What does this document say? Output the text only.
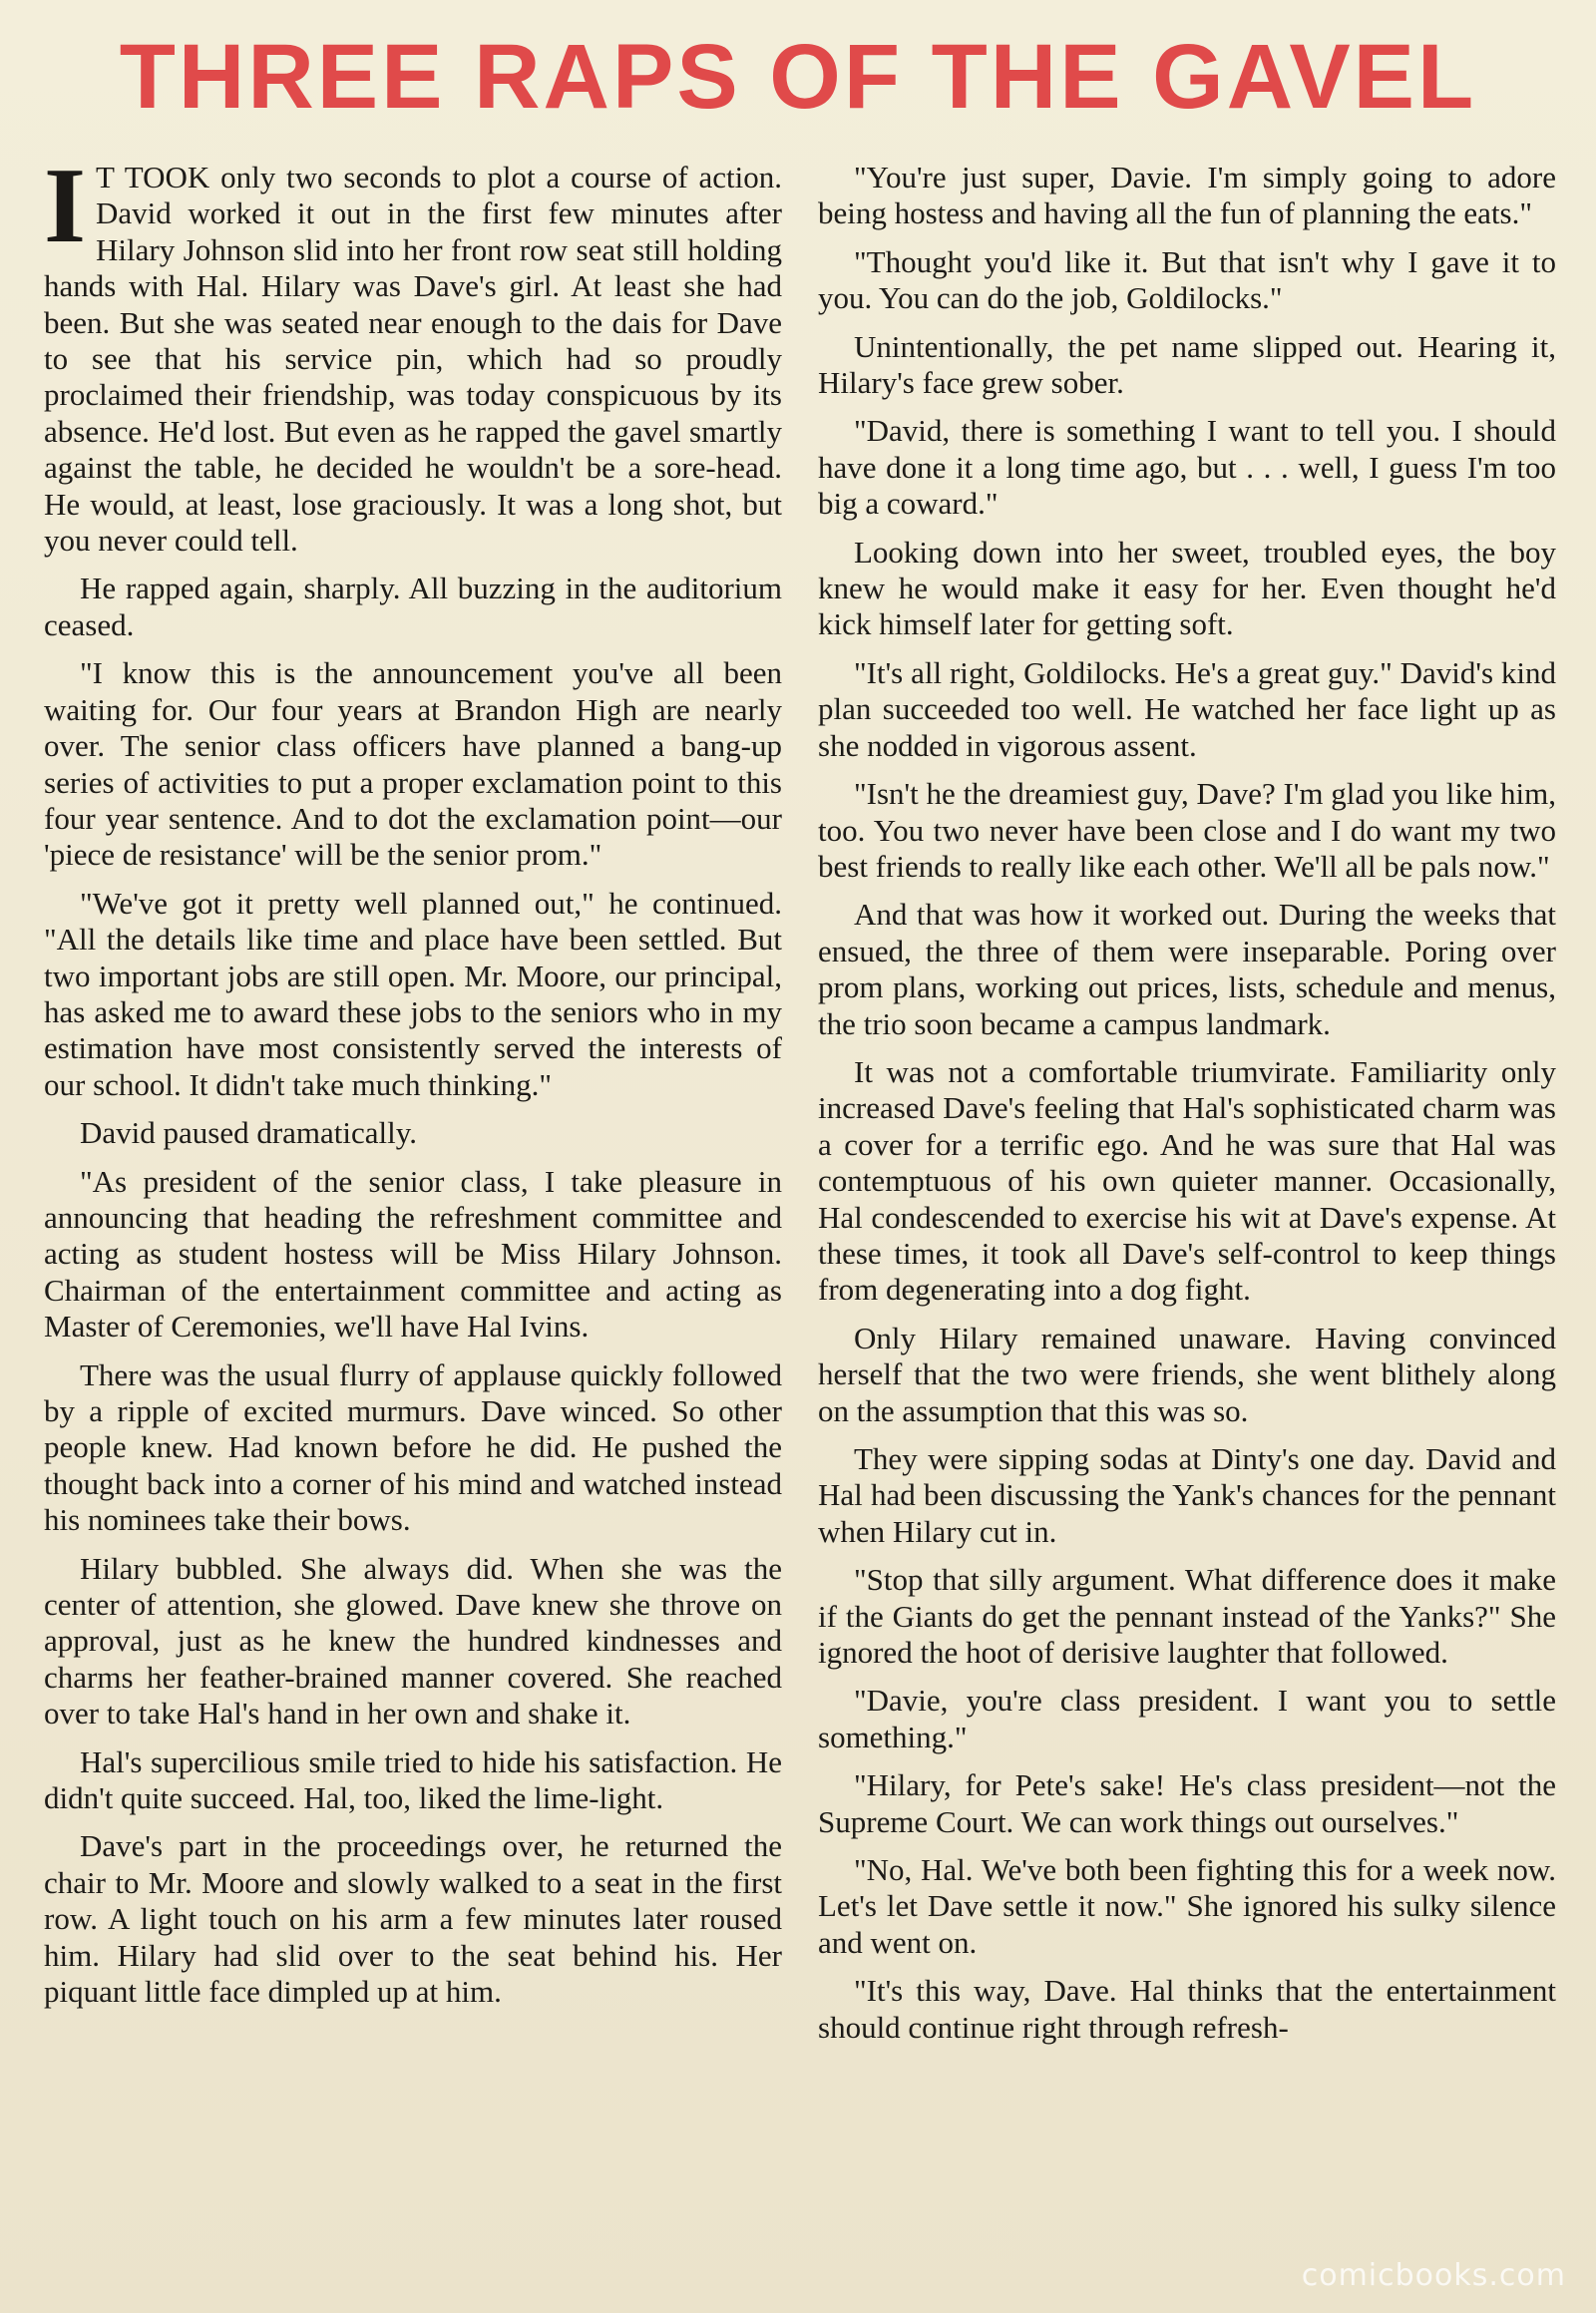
THREE RAPS OF THE GAVEL

I T TOOK only two seconds to plot a course of action. David worked it out in the first few minutes after Hilary Johnson slid into her front row seat still holding hands with Hal. Hilary was Dave's girl. At least she had been. But she was seated near enough to the dais for Dave to see that his service pin, which had so proudly proclaimed their friendship, was today conspicuous by its absence. He'd lost. But even as he rapped the gavel smartly against the table, he decided he wouldn't be a sore-head. He would, at least, lose graciously. It was a long shot, but you never could tell.

He rapped again, sharply. All buzzing in the auditorium ceased.

"I know this is the announcement you've all been waiting for. Our four years at Brandon High are nearly over. The senior class officers have planned a bang-up series of activities to put a proper exclamation point to this four year sentence. And to dot the exclamation point—our 'piece de resistance' will be the senior prom."

"We've got it pretty well planned out," he continued. "All the details like time and place have been settled. But two important jobs are still open. Mr. Moore, our principal, has asked me to award these jobs to the seniors who in my estimation have most consistently served the interests of our school. It didn't take much thinking."

David paused dramatically.

"As president of the senior class, I take pleasure in announcing that heading the refreshment committee and acting as student hostess will be Miss Hilary Johnson. Chairman of the entertainment committee and acting as Master of Ceremonies, we'll have Hal Ivins.

There was the usual flurry of applause quickly followed by a ripple of excited murmurs. Dave winced. So other people knew. Had known before he did. He pushed the thought back into a corner of his mind and watched instead his nominees take their bows.

Hilary bubbled. She always did. When she was the center of attention, she glowed. Dave knew she throve on approval, just as he knew the hundred kindnesses and charms her feather-brained manner covered. She reached over to take Hal's hand in her own and shake it.

Hal's supercilious smile tried to hide his satisfaction. He didn't quite succeed. Hal, too, liked the lime-light.

Dave's part in the proceedings over, he returned the chair to Mr. Moore and slowly walked to a seat in the first row. A light touch on his arm a few minutes later roused him. Hilary had slid over to the seat behind his. Her piquant little face dimpled up at him.

"You're just super, Davie. I'm simply going to adore being hostess and having all the fun of planning the eats."

"Thought you'd like it. But that isn't why I gave it to you. You can do the job, Goldilocks."

Unintentionally, the pet name slipped out. Hearing it, Hilary's face grew sober.

"David, there is something I want to tell you. I should have done it a long time ago, but . . . well, I guess I'm too big a coward."

Looking down into her sweet, troubled eyes, the boy knew he would make it easy for her. Even thought he'd kick himself later for getting soft.

"It's all right, Goldilocks. He's a great guy." David's kind plan succeeded too well. He watched her face light up as she nodded in vigorous assent.

"Isn't he the dreamiest guy, Dave? I'm glad you like him, too. You two never have been close and I do want my two best friends to really like each other. We'll all be pals now."

And that was how it worked out. During the weeks that ensued, the three of them were inseparable. Poring over prom plans, working out prices, lists, schedule and menus, the trio soon became a campus landmark.

It was not a comfortable triumvirate. Familiarity only increased Dave's feeling that Hal's sophisticated charm was a cover for a terrific ego. And he was sure that Hal was contemptuous of his own quieter manner. Occasionally, Hal condescended to exercise his wit at Dave's expense. At these times, it took all Dave's self-control to keep things from degenerating into a dog fight.

Only Hilary remained unaware. Having convinced herself that the two were friends, she went blithely along on the assumption that this was so.

They were sipping sodas at Dinty's one day. David and Hal had been discussing the Yank's chances for the pennant when Hilary cut in.

"Stop that silly argument. What difference does it make if the Giants do get the pennant instead of the Yanks?" She ignored the hoot of derisive laughter that followed.

"Davie, you're class president. I want you to settle something."

"Hilary, for Pete's sake! He's class president—not the Supreme Court. We can work things out ourselves."

"No, Hal. We've both been fighting this for a week now. Let's let Dave settle it now." She ignored his sulky silence and went on.

"It's this way, Dave. Hal thinks that the entertainment should continue right through refresh-

comicbooks.com
